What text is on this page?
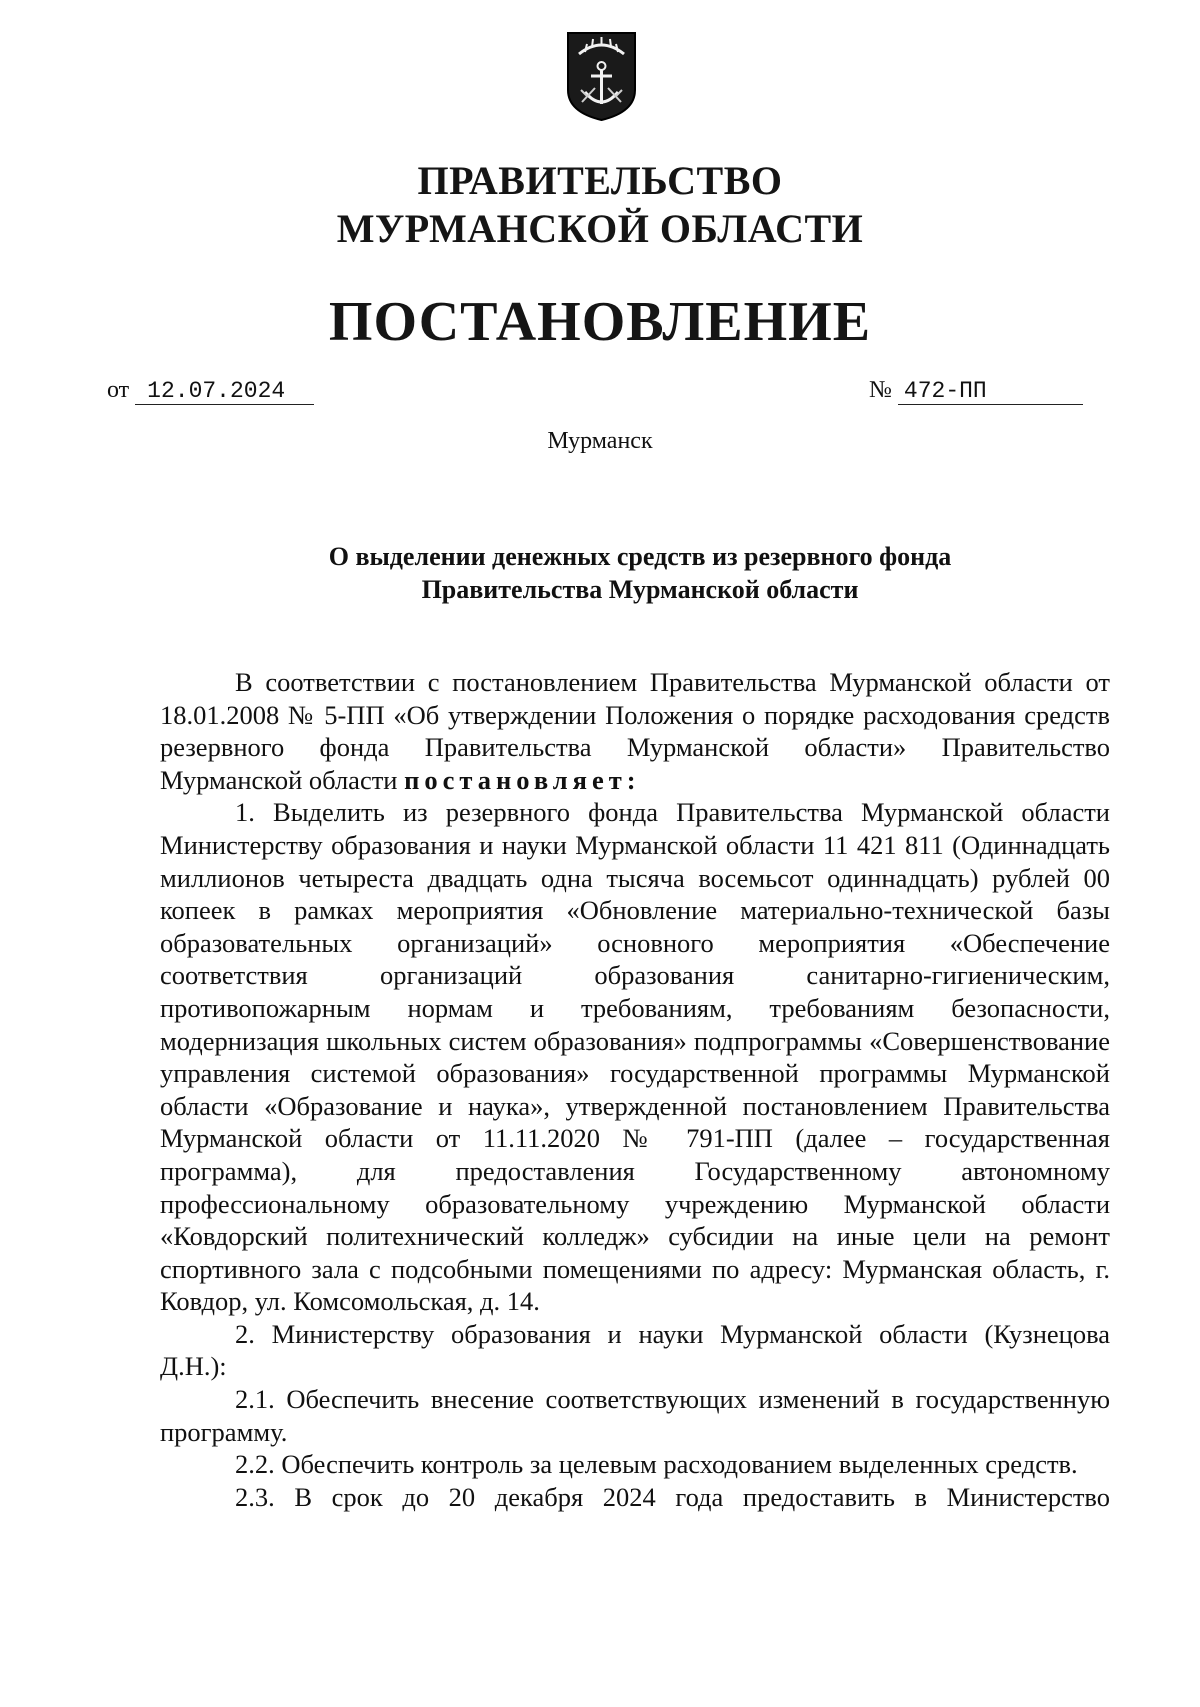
ПРАВИТЕЛЬСТВО
МУРМАНСКОЙ ОБЛАСТИ
ПОСТАНОВЛЕНИЕ
от 12.07.2024	№ 472-ПП
Мурманск
О выделении денежных средств из резервного фонда
Правительства Мурманской области

В соответствии с постановлением Правительства Мурманской области от 18.01.2008 № 5-ПП «Об утверждении Положения о порядке расходования средств резервного фонда Правительства Мурманской области» Правительство Мурманской области постановляет:

1. Выделить из резервного фонда Правительства Мурманской области Министерству образования и науки Мурманской области 11 421 811 (Одиннадцать миллионов четыреста двадцать одна тысяча восемьсот одиннадцать) рублей 00 копеек в рамках мероприятия «Обновление материально-технической базы образовательных организаций» основного мероприятия «Обеспечение соответствия организаций образования санитарно-гигиеническим, противопожарным нормам и требованиям, требованиям безопасности, модернизация школьных систем образования» подпрограммы «Совершенствование управления системой образования» государственной программы Мурманской области «Образование и наука», утвержденной постановлением Правительства Мурманской области от 11.11.2020 № 791-ПП (далее – государственная программа), для предоставления Государственному автономному профессиональному образовательному учреждению Мурманской области «Ковдорский политехнический колледж» субсидии на иные цели на ремонт спортивного зала с подсобными помещениями по адресу: Мурманская область, г. Ковдор, ул. Комсомольская, д. 14.

2. Министерству образования и науки Мурманской области (Кузнецова Д.Н.):

2.1. Обеспечить внесение соответствующих изменений в государственную программу.

2.2. Обеспечить контроль за целевым расходованием выделенных средств.

2.3. В срок до 20 декабря 2024 года предоставить в Министерство
